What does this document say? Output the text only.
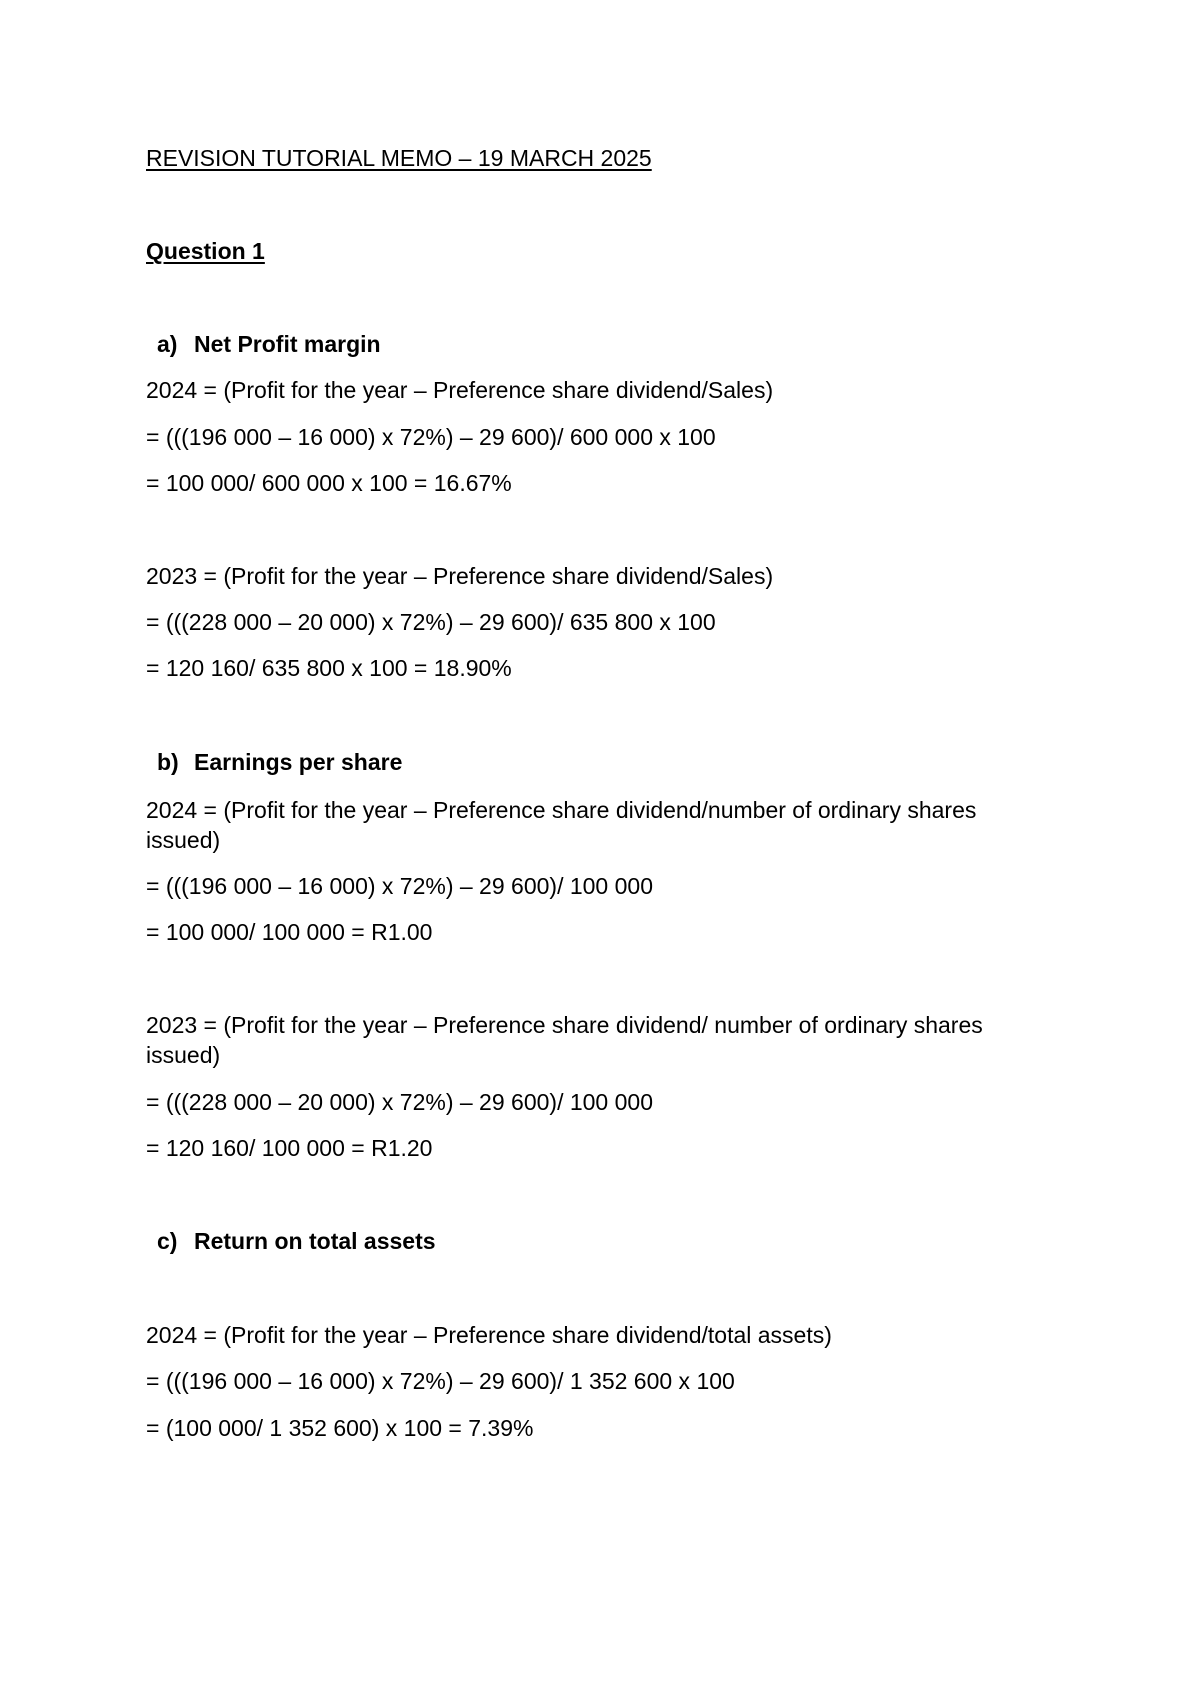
REVISION TUTORIAL MEMO – 19 MARCH 2025
Question 1
a) Net Profit margin
2024 = (Profit for the year – Preference share dividend/Sales)
= (((196 000 – 16 000) x 72%) – 29 600)/ 600 000 x 100
= 100 000/ 600 000 x 100 = 16.67%
2023 = (Profit for the year – Preference share dividend/Sales)
= (((228 000 – 20 000) x 72%) – 29 600)/ 635 800 x 100
= 120 160/ 635 800 x 100 = 18.90%
b) Earnings per share
2024 = (Profit for the year – Preference share dividend/number of ordinary shares issued)
= (((196 000 – 16 000) x 72%) – 29 600)/ 100 000
= 100 000/ 100 000 = R1.00
2023 = (Profit for the year – Preference share dividend/ number of ordinary shares issued)
= (((228 000 – 20 000) x 72%) – 29 600)/ 100 000
= 120 160/ 100 000 = R1.20
c) Return on total assets
2024 = (Profit for the year – Preference share dividend/total assets)
= (((196 000 – 16 000) x 72%) – 29 600)/ 1 352 600 x 100
= (100 000/ 1 352 600) x 100 = 7.39%
